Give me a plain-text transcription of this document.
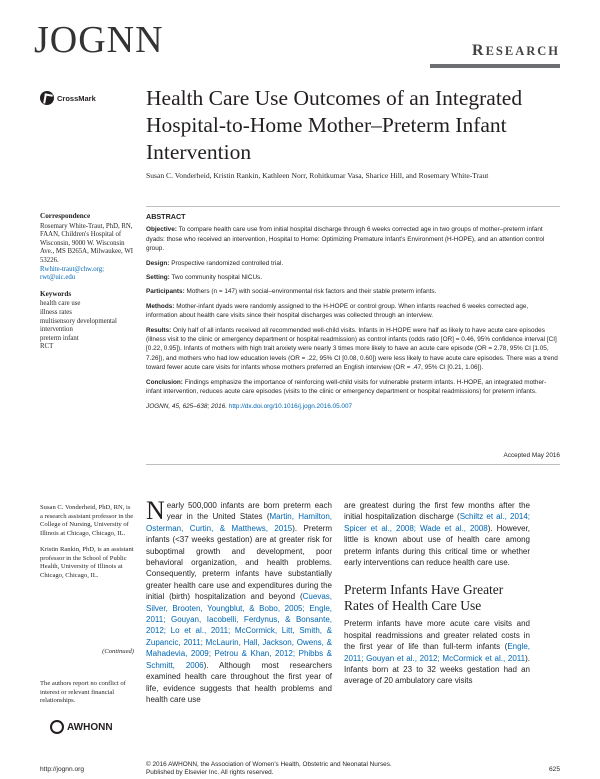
JOGNN	RESEARCH
CrossMark Health Care Use Outcomes of an Integrated Hospital-to-Home Mother–Preterm Infant Intervention
Susan C. Vonderheid, Kristin Rankin, Kathleen Norr, Rohitkumar Vasa, Sharice Hill, and Rosemary White-Traut
Correspondence
Rosemary White-Traut, PhD, RN, FAAN, Children's Hospital of Wisconsin, 9000 W. Wisconsin Ave., MS B265A, Milwaukee, WI 53226.
Rwhite-traut@chw.org; rwt@uic.edu
Keywords
health care use
illness rates
multisensory developmental intervention
preterm infant
RCT
ABSTRACT

Objective: To compare health care use from initial hospital discharge through 6 weeks corrected age in two groups of mother–preterm infant dyads: those who received an intervention, Hospital to Home: Optimizing Premature Infant's Environment (H-HOPE), and an attention control group.

Design: Prospective randomized controlled trial.

Setting: Two community hospital NICUs.

Participants: Mothers (n = 147) with social–environmental risk factors and their stable preterm infants.

Methods: Mother-infant dyads were randomly assigned to the H-HOPE or control group. When infants reached 6 weeks corrected age, information about health care visits since their hospital discharges was collected through an interview.

Results: Only half of all infants received all recommended well-child visits. Infants in H-HOPE were half as likely to have acute care episodes (illness visit to the clinic or emergency department or hospital readmission) as control infants (odds ratio [OR] = 0.46, 95% confidence interval [CI] [0.22, 0.95]). Infants of mothers with high trait anxiety were nearly 3 times more likely to have an acute care episode (OR = 2.78, 95% CI [1.05, 7.26]), and mothers who had low education levels (OR = .22, 95% CI [0.08, 0.60]) were less likely to have acute care episodes. There was a trend toward fewer acute care visits for infants whose mothers preferred an English interview (OR = .47, 95% CI [0.21, 1.06]).

Conclusion: Findings emphasize the importance of reinforcing well-child visits for vulnerable preterm infants. H-HOPE, an integrated mother-infant intervention, reduces acute care episodes (visits to the clinic or emergency department or hospital readmissions) for preterm infants.

JOGNN, 45, 625–638; 2016. http://dx.doi.org/10.1016/j.jogn.2016.05.007

Accepted May 2016

Susan C. Vonderheid, PhD, RN, is a research assistant professor in the College of Nursing, University of Illinois at Chicago, Chicago, IL.

Kristin Rankin, PhD, is an assistant professor in the School of Public Health, University of Illinois at Chicago, Chicago, IL.

(Continued)
The authors report no conflict of interest or relevant financial relationships.
AWHONN
Nearly 500,000 infants are born preterm each year in the United States (Martin, Hamilton, Osterman, Curtin, & Matthews, 2015). Preterm infants (<37 weeks gestation) are at greater risk for suboptimal growth and development, poor behavioral organization, and health problems. Consequently, preterm infants have substantially greater health care use and expenditures during the initial (birth) hospitalization and beyond (Cuevas, Silver, Brooten, Youngblut, & Bobo, 2005; Engle, 2011; Gouyan, Iacobelli, Ferdynus, & Bonsante, 2012; Lo et al., 2011; McCormick, Litt, Smith, & Zupancic, 2011; McLaurin, Hall, Jackson, Owens, & Mahadevia, 2009; Petrou & Khan, 2012; Phibbs & Schmitt, 2006). Although most researchers examined health care throughout the first year of life, evidence suggests that health problems and health care use
are greatest during the first few months after the initial hospitalization discharge (Schiltz et al., 2014; Spicer et al., 2008; Wade et al., 2008). However, little is known about use of health care among preterm infants during this critical time or whether early interventions can reduce health care use.
Preterm Infants Have Greater Rates of Health Care Use
Preterm infants have more acute care visits and hospital readmissions and greater related costs in the first year of life than full-term infants (Engle, 2011; Gouyan et al., 2012; McCormick et al., 2011). Infants born at 23 to 32 weeks gestation had an average of 20 ambulatory care visits
http://jognn.org
© 2016 AWHONN, the Association of Women's Health, Obstetric and Neonatal Nurses.
Published by Elsevier Inc. All rights reserved.	625
